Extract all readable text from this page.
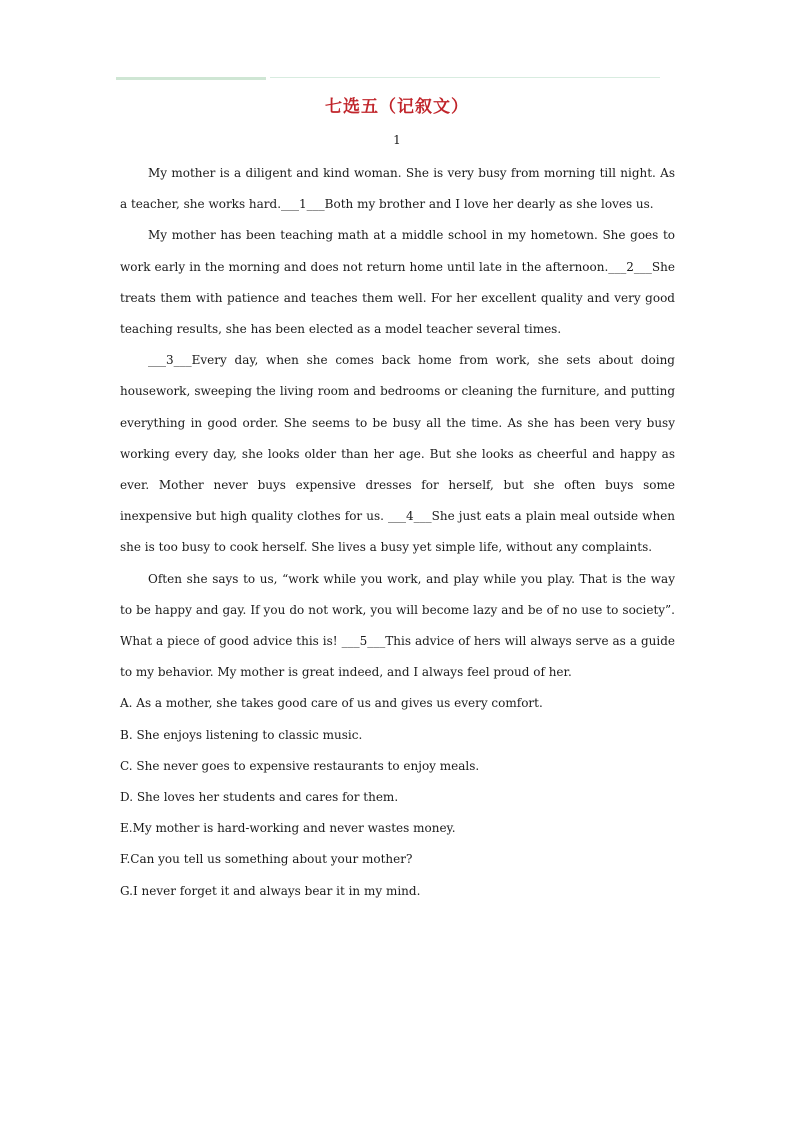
七选五（记叙文）
1

My mother is a diligent and kind woman. She is very busy from morning till night. As a teacher, she works hard.___1___Both my brother and I love her dearly as she loves us.

My mother has been teaching math at a middle school in my hometown. She goes to work early in the morning and does not return home until late in the afternoon.___2___She treats them with patience and teaches them well. For her excellent quality and very good teaching results, she has been elected as a model teacher several times.

___3___Every day, when she comes back home from work, she sets about doing housework, sweeping the living room and bedrooms or cleaning the furniture, and putting everything in good order. She seems to be busy all the time. As she has been very busy working every day, she looks older than her age. But she looks as cheerful and happy as ever. Mother never buys expensive dresses for herself, but she often buys some inexpensive but high quality clothes for us. ___4___She just eats a plain meal outside when she is too busy to cook herself. She lives a busy yet simple life, without any complaints.

Often she says to us, “work while you work, and play while you play. That is the way to be happy and gay. If you do not work, you will become lazy and be of no use to society”. What a piece of good advice this is! ___5___This advice of hers will always serve as a guide to my behavior. My mother is great indeed, and I always feel proud of her.

A. As a mother, she takes good care of us and gives us every comfort.

B. She enjoys listening to classic music.

C. She never goes to expensive restaurants to enjoy meals.

D. She loves her students and cares for them.

E.My mother is hard-working and never wastes money.

F.Can you tell us something about your mother?

G.I never forget it and always bear it in my mind.
